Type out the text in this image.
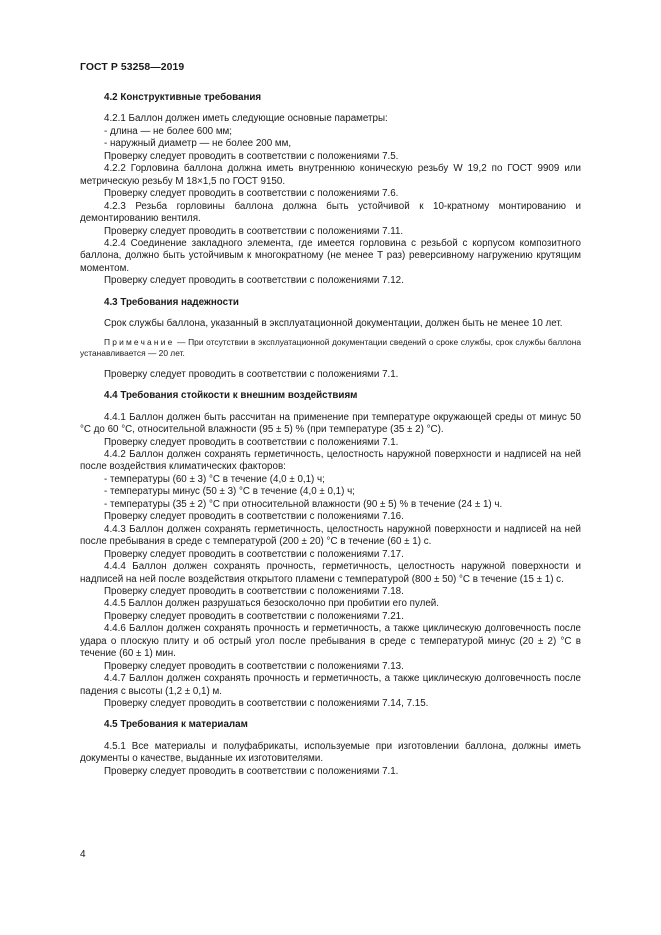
ГОСТ Р 53258—2019

4.2 Конструктивные требования

4.2.1 Баллон должен иметь следующие основные параметры:

- длина — не более 600 мм;

- наружный диаметр — не более 200 мм,

Проверку следует проводить в соответствии с положениями 7.5.

4.2.2 Горловина баллона должна иметь внутреннюю коническую резьбу W 19,2 по ГОСТ 9909 или метрическую резьбу М 18×1,5 по ГОСТ 9150.

Проверку следует проводить в соответствии с положениями 7.6.

4.2.3 Резьба горловины баллона должна быть устойчивой к 10-кратному монтированию и демонтированию вентиля.

Проверку следует проводить в соответствии с положениями 7.11.

4.2.4 Соединение закладного элемента, где имеется горловина с резьбой с корпусом композитного баллона, должно быть устойчивым к многократному (не менее Т раз) реверсивному нагружению крутящим моментом.

Проверку следует проводить в соответствии с положениями 7.12.

4.3 Требования надежности

Срок службы баллона, указанный в эксплуатационной документации, должен быть не менее 10 лет.

Примечание — При отсутствии в эксплуатационной документации сведений о сроке службы, срок службы баллона устанавливается — 20 лет.

Проверку следует проводить в соответствии с положениями 7.1.

4.4 Требования стойкости к внешним воздействиям

4.4.1 Баллон должен быть рассчитан на применение при температуре окружающей среды от минус 50 °C до 60 °C, относительной влажности (95 ± 5) % (при температуре (35 ± 2) °C).

Проверку следует проводить в соответствии с положениями 7.1.

4.4.2 Баллон должен сохранять герметичность, целостность наружной поверхности и надписей на ней после воздействия климатических факторов:

- температуры (60 ± 3) °C в течение (4,0 ± 0,1) ч;

- температуры минус (50 ± 3) °C в течение (4,0 ± 0,1) ч;

- температуры (35 ± 2) °C при относительной влажности (90 ± 5) % в течение (24 ± 1) ч.

Проверку следует проводить в соответствии с положениями 7.16.

4.4.3 Баллон должен сохранять герметичность, целостность наружной поверхности и надписей на ней после пребывания в среде с температурой (200 ± 20) °C в течение (60 ± 1) с.

Проверку следует проводить в соответствии с положениями 7.17.

4.4.4 Баллон должен сохранять прочность, герметичность, целостность наружной поверхности и надписей на ней после воздействия открытого пламени с температурой (800 ± 50) °C в течение (15 ± 1) с.

Проверку следует проводить в соответствии с положениями 7.18.

4.4.5 Баллон должен разрушаться безосколочно при пробитии его пулей.

Проверку следует проводить в соответствии с положениями 7.21.

4.4.6 Баллон должен сохранять прочность и герметичность, а также циклическую долговечность после удара о плоскую плиту и об острый угол после пребывания в среде с температурой минус (20 ± 2) °C в течение (60 ± 1) мин.

Проверку следует проводить в соответствии с положениями 7.13.

4.4.7 Баллон должен сохранять прочность и герметичность, а также циклическую долговечность после падения с высоты (1,2 ± 0,1) м.

Проверку следует проводить в соответствии с положениями 7.14, 7.15.

4.5 Требования к материалам

4.5.1 Все материалы и полуфабрикаты, используемые при изготовлении баллона, должны иметь документы о качестве, выданные их изготовителями.

Проверку следует проводить в соответствии с положениями 7.1.

4
